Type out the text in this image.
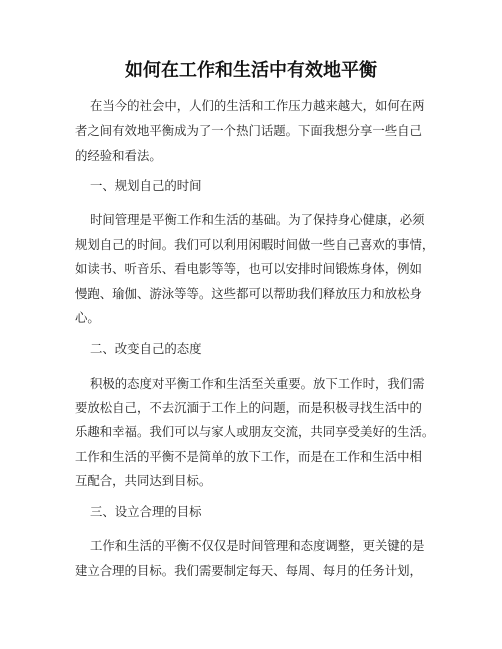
如何在工作和生活中有效地平衡
在当今的社会中，人们的生活和工作压力越来越大，如何在两
者之间有效地平衡成为了一个热门话题。下面我想分享一些自己
的经验和看法。
一、规划自己的时间
时间管理是平衡工作和生活的基础。为了保持身心健康，必须
规划自己的时间。我们可以利用闲暇时间做一些自己喜欢的事情，
如读书、听音乐、看电影等等，也可以安排时间锻炼身体，例如
慢跑、瑜伽、游泳等等。这些都可以帮助我们释放压力和放松身
心。
二、改变自己的态度
积极的态度对平衡工作和生活至关重要。放下工作时，我们需
要放松自己，不去沉湎于工作上的问题，而是积极寻找生活中的
乐趣和幸福。我们可以与家人或朋友交流，共同享受美好的生活。
工作和生活的平衡不是简单的放下工作，而是在工作和生活中相
互配合，共同达到目标。
三、设立合理的目标
工作和生活的平衡不仅仅是时间管理和态度调整，更关键的是
建立合理的目标。我们需要制定每天、每周、每月的任务计划，
